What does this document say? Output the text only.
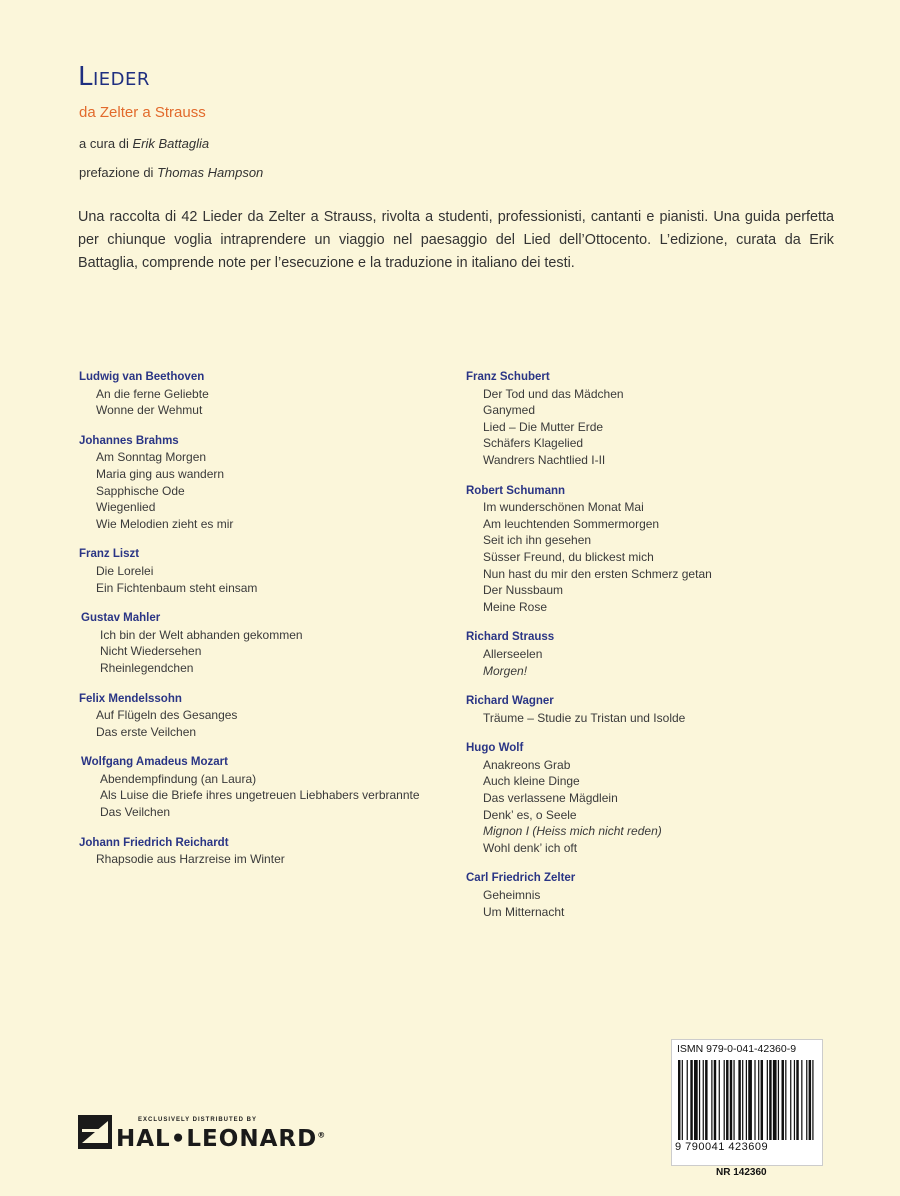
Lieder
da Zelter a Strauss
a cura di Erik Battaglia
prefazione di Thomas Hampson
Una raccolta di 42 Lieder da Zelter a Strauss, rivolta a studenti, professionisti, cantanti e pianisti. Una guida perfetta per chiunque voglia intraprendere un viaggio nel paesaggio del Lied dell’Ottocento. L’edizione, curata da Erik Battaglia, comprende note per l’esecuzione e la traduzione in italiano dei testi.
Ludwig van Beethoven
An die ferne Geliebte
Wonne der Wehmut
Johannes Brahms
Am Sonntag Morgen
Maria ging aus wandern
Sapphische Ode
Wiegenlied
Wie Melodien zieht es mir
Franz Liszt
Die Lorelei
Ein Fichtenbaum steht einsam
Gustav Mahler
Ich bin der Welt abhanden gekommen
Nicht Wiedersehen
Rheinlegendchen
Felix Mendelssohn
Auf Flügeln des Gesanges
Das erste Veilchen
Wolfgang Amadeus Mozart
Abendempfindung (an Laura)
Als Luise die Briefe ihres ungetreuen Liebhabers verbrannte
Das Veilchen
Johann Friedrich Reichardt
Rhapsodie aus Harzreise im Winter
Franz Schubert
Der Tod und das Mädchen
Ganymed
Lied – Die Mutter Erde
Schäfers Klagelied
Wandrers Nachtlied I-II
Robert Schumann
Im wunderschönen Monat Mai
Am leuchtenden Sommermorgen
Seit ich ihn gesehen
Süsser Freund, du blickest mich
Nun hast du mir den ersten Schmerz getan
Der Nussbaum
Meine Rose
Richard Strauss
Allerseelen
Morgen!
Richard Wagner
Träume – Studie zu Tristan und Isolde
Hugo Wolf
Anakreons Grab
Auch kleine Dinge
Das verlassene Mägdlein
Denk’ es, o Seele
Mignon I (Heiss mich nicht reden)
Wohl denk’ ich oft
Carl Friedrich Zelter
Geheimnis
Um Mitternacht
EXCLUSIVELY DISTRIBUTED BY
HAL•LEONARD®
ISMN 979-0-041-42360-9
9 790041 423609
NR 142360
